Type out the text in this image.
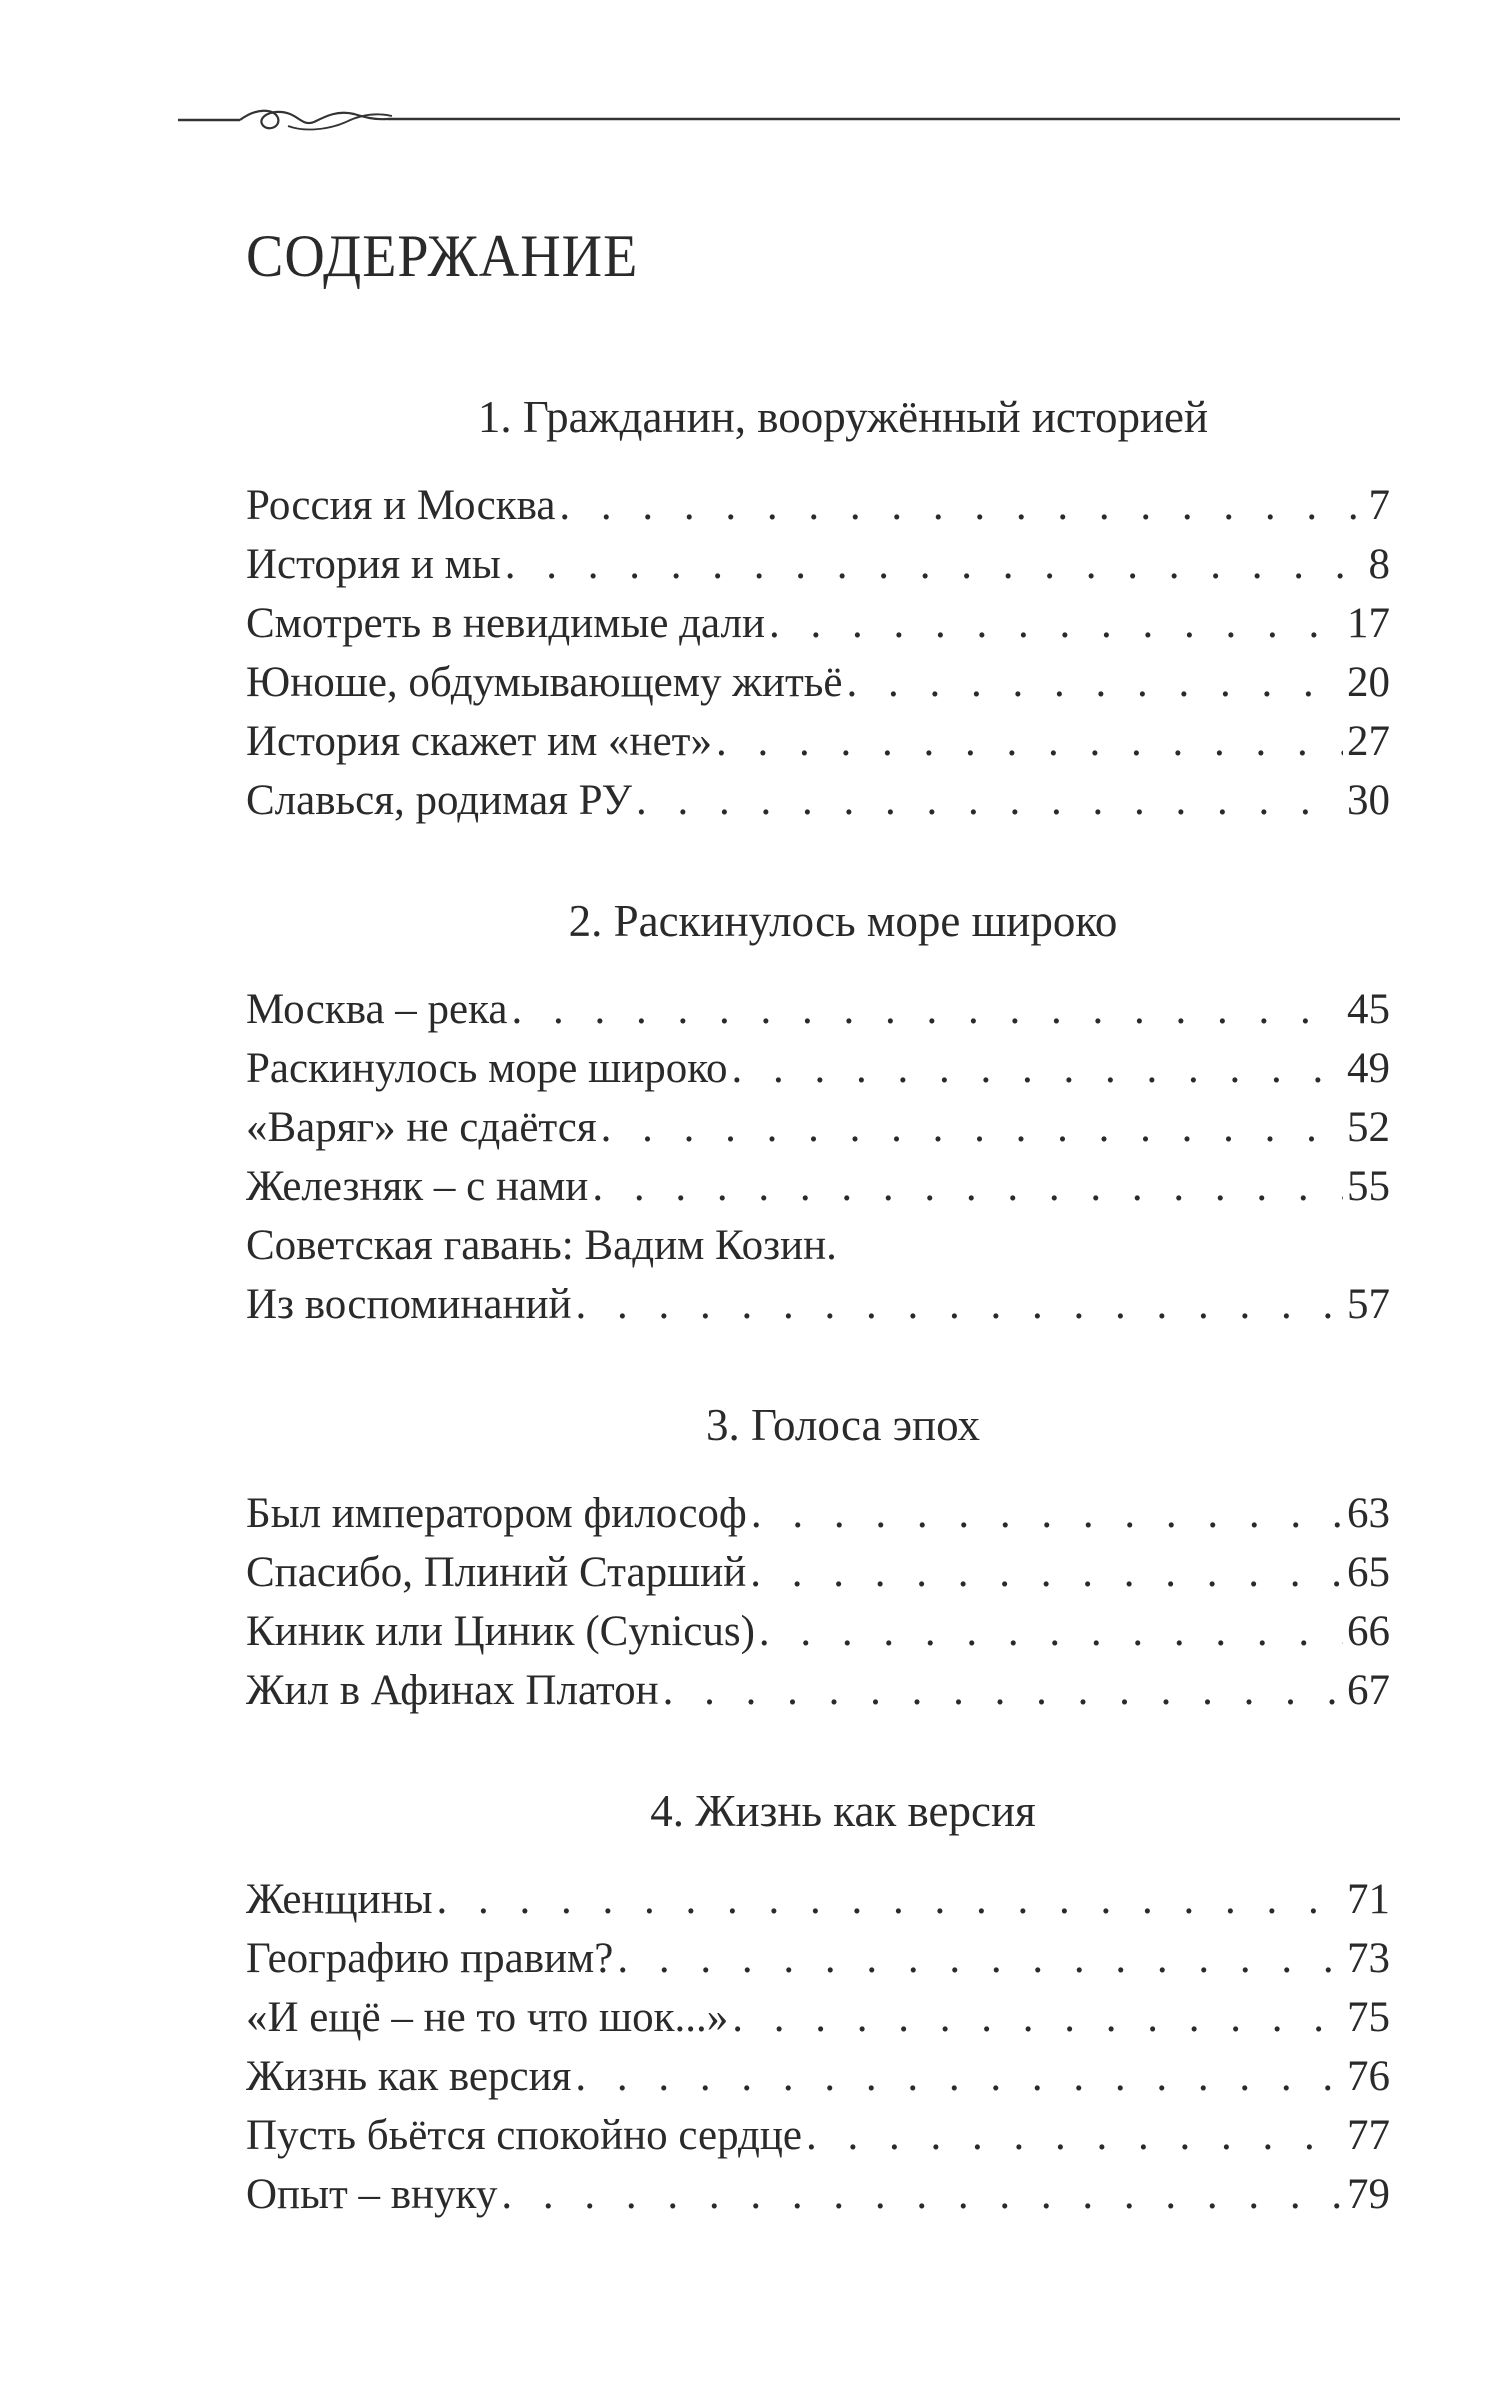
СОДЕРЖАНИЕ
1. Гражданин, вооружённый историей
Россия и Москва . . .	7
История и мы . . .	8
Смотреть в невидимые дали . . .	17
Юноше, обдумывающему житьё . . .	20
История скажет им «нет» . . .	27
Славься, родимая РУ . . .	30
2. Раскинулось море широко
Москва – река . . .	45
Раскинулось море широко . . .	49
«Варяг» не сдаётся . . .	52
Железняк – с нами . . .	55
Советская гавань: Вадим Козин.
Из воспоминаний . . .	57
3. Голоса эпох
Был императором философ . . .	63
Спасибо, Плиний Старший . . .	65
Киник или Циник (Cynicus) . . .	66
Жил в Афинах Платон . . .	67
4. Жизнь как версия
Женщины . . .	71
Географию правим? . . .	73
«И ещё – не то что шок...» . . .	75
Жизнь как версия . . .	76
Пусть бьётся спокойно сердце . . .	77
Опыт – внуку . . .	79
